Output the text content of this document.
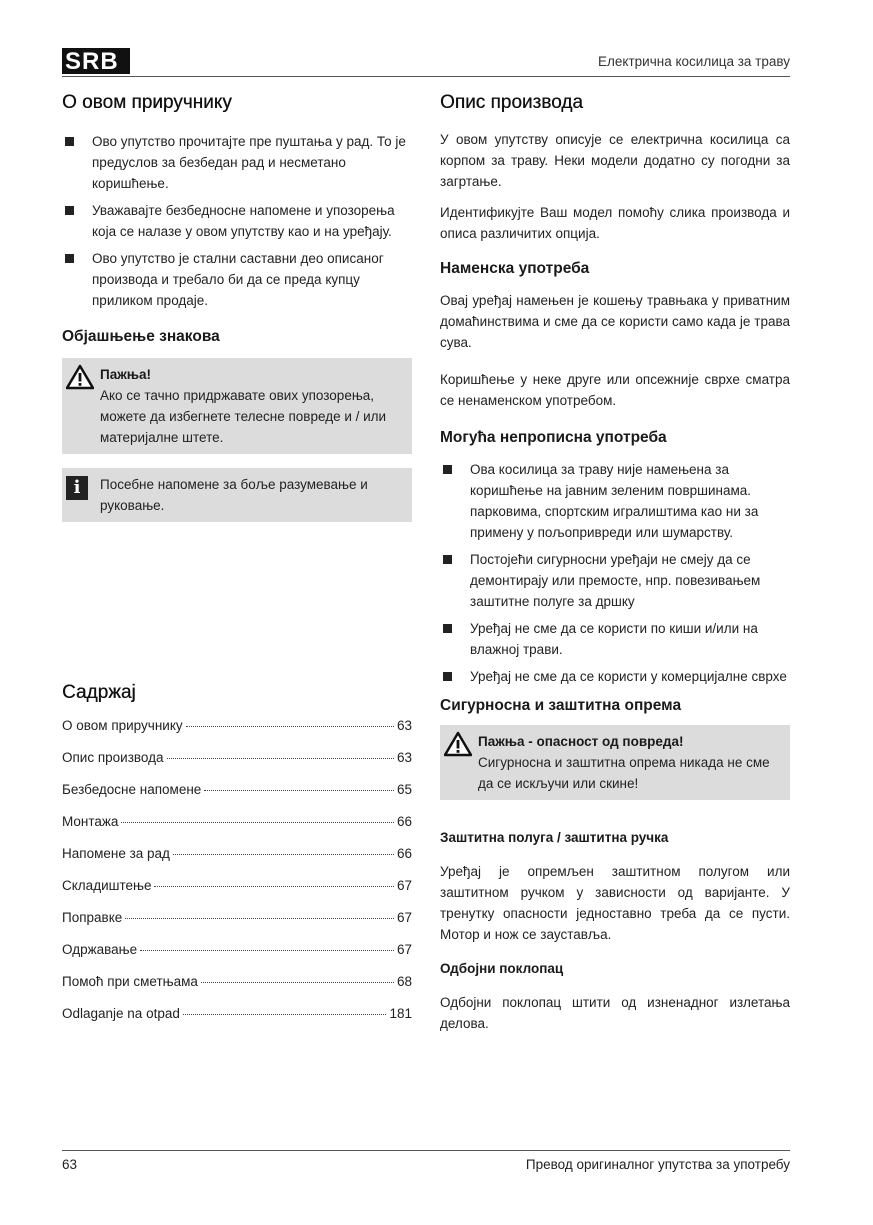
SRB	Електрична косилица за траву
О овом приручнику
Ово упутство прочитајте пре пуштања у рад. То је предуслов за безбедан рад и несметано коришћење.
Уважавајте безбедносне напомене и упозорења која се налазе у овом упутству као и на уређају.
Ово упутство је стални саставни део описаног производа и требало би да се преда купцу приликом продаје.
Објашњење знакова
Пажња!
Ако се тачно придржавате ових упозорења, можете да избегнете телесне повреде и / или материјалне штете.
i	Посебне напомене за боље разумевање и руковање.
Садржај
О овом приручнику	63
Опис производа	63
Безбедосне напомене	65
Монтажа	66
Напомене за рад	66
Складиштење	67
Поправке	67
Одржавање	67
Помоћ при сметњама	68
Odlaganje na otpad	181
Опис производа

У овом упутству описује се електрична косилица са корпом за траву. Неки модели додатно су погодни за загртање.

Идентификујте Ваш модел помоћу слика производа и описа различитих опција.

Наменска употреба

Овај уређај намењен је кошењу травњака у приватним домаћинствима и сме да се користи само када је трава сува.

Коришћење у неке друге или опсежније сврхе сматра се ненаменском употребом.

Могућа непрописна употреба
Ова косилица за траву није намењена за коришћење на јавним зеленим површинама. парковима, спортским игралиштима као ни за примену у пољопривреди или шумарству.
Постојећи сигурносни уређаји не смеју да се демонтирају или премосте, нпр. повезивањем заштитне полуге за дршку
Уређај не сме да се користи по киши и/или на влажној трави.
Уређај не сме да се користи у комерцијалне сврхе
Сигурносна и заштитна опрема
Пажња - опасност од повреда!
Сигурносна и заштитна опрема никада не сме да се искључи или скине!
Заштитна полуга / заштитна ручка

Уређај је опремљен заштитном полугом или заштитном ручком у зависности од варијанте. У тренутку опасности једноставно треба да се пусти. Мотор и нож се зауставља.

Одбојни поклопац

Одбојни поклопац штити од изненадног излетања делова.

63	Превод оригиналног упутства за употребу
